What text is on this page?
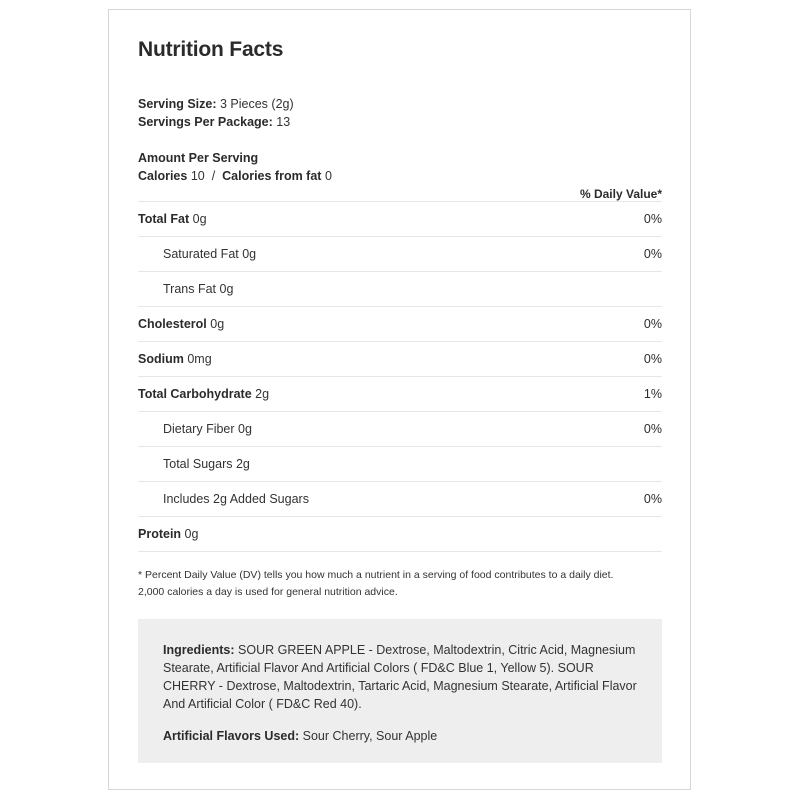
Nutrition Facts
Serving Size: 3 Pieces (2g)
Servings Per Package: 13
Amount Per Serving
Calories 10 / Calories from fat 0
% Daily Value*
Total Fat 0g	0%
Saturated Fat 0g	0%
Trans Fat 0g
Cholesterol 0g	0%
Sodium 0mg	0%
Total Carbohydrate 2g	1%
Dietary Fiber 0g	0%
Total Sugars 2g
Includes 2g Added Sugars	0%
Protein 0g
* Percent Daily Value (DV) tells you how much a nutrient in a serving of food contributes to a daily diet.
2,000 calories a day is used for general nutrition advice.

Ingredients: SOUR GREEN APPLE - Dextrose, Maltodextrin, Citric Acid, Magnesium Stearate, Artificial Flavor And Artificial Colors ( FD&C Blue 1, Yellow 5). SOUR CHERRY - Dextrose, Maltodextrin, Tartaric Acid, Magnesium Stearate, Artificial Flavor And Artificial Color ( FD&C Red 40).

Artificial Flavors Used: Sour Cherry, Sour Apple
